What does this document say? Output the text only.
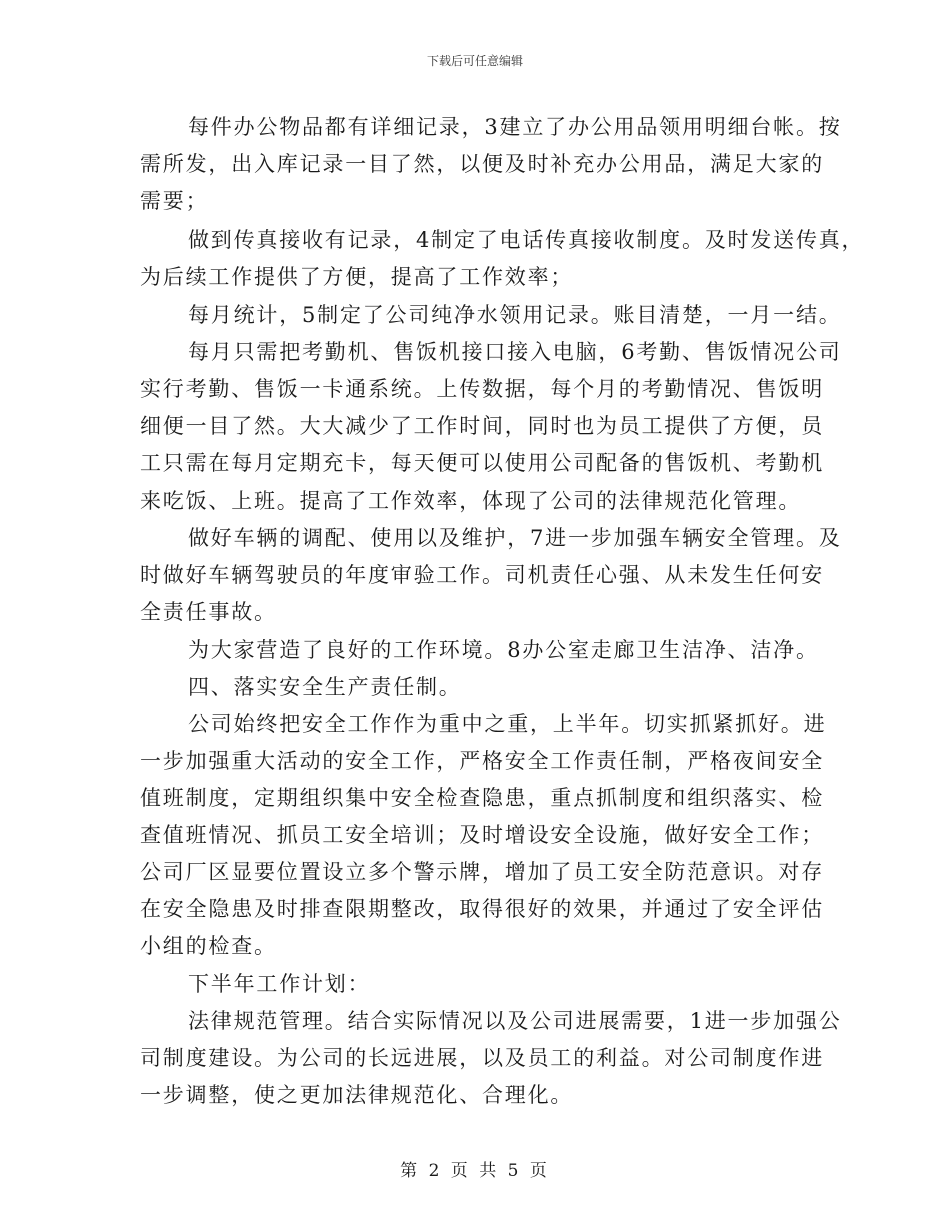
下载后可任意编辑
每件办公物品都有详细记录，3建立了办公用品领用明细台帐。按
需所发，出入库记录一目了然，以便及时补充办公用品，满足大家的
需要；
做到传真接收有记录，4制定了电话传真接收制度。及时发送传真，
为后续工作提供了方便，提高了工作效率；
每月统计，5制定了公司纯净水领用记录。账目清楚，一月一结。
每月只需把考勤机、售饭机接口接入电脑，6考勤、售饭情况公司
实行考勤、售饭一卡通系统。上传数据，每个月的考勤情况、售饭明
细便一目了然。大大减少了工作时间，同时也为员工提供了方便，员
工只需在每月定期充卡，每天便可以使用公司配备的售饭机、考勤机
来吃饭、上班。提高了工作效率，体现了公司的法律规范化管理。
做好车辆的调配、使用以及维护，7进一步加强车辆安全管理。及
时做好车辆驾驶员的年度审验工作。司机责任心强、从未发生任何安
全责任事故。
为大家营造了良好的工作环境。8办公室走廊卫生洁净、洁净。
四、落实安全生产责任制。
公司始终把安全工作作为重中之重，上半年。切实抓紧抓好。进
一步加强重大活动的安全工作，严格安全工作责任制，严格夜间安全
值班制度，定期组织集中安全检查隐患，重点抓制度和组织落实、检
查值班情况、抓员工安全培训；及时增设安全设施，做好安全工作；
公司厂区显要位置设立多个警示牌，增加了员工安全防范意识。对存
在安全隐患及时排查限期整改，取得很好的效果，并通过了安全评估
小组的检查。
下半年工作计划：
法律规范管理。结合实际情况以及公司进展需要，1进一步加强公
司制度建设。为公司的长远进展，以及员工的利益。对公司制度作进
一步调整，使之更加法律规范化、合理化。
第 2 页 共 5 页
